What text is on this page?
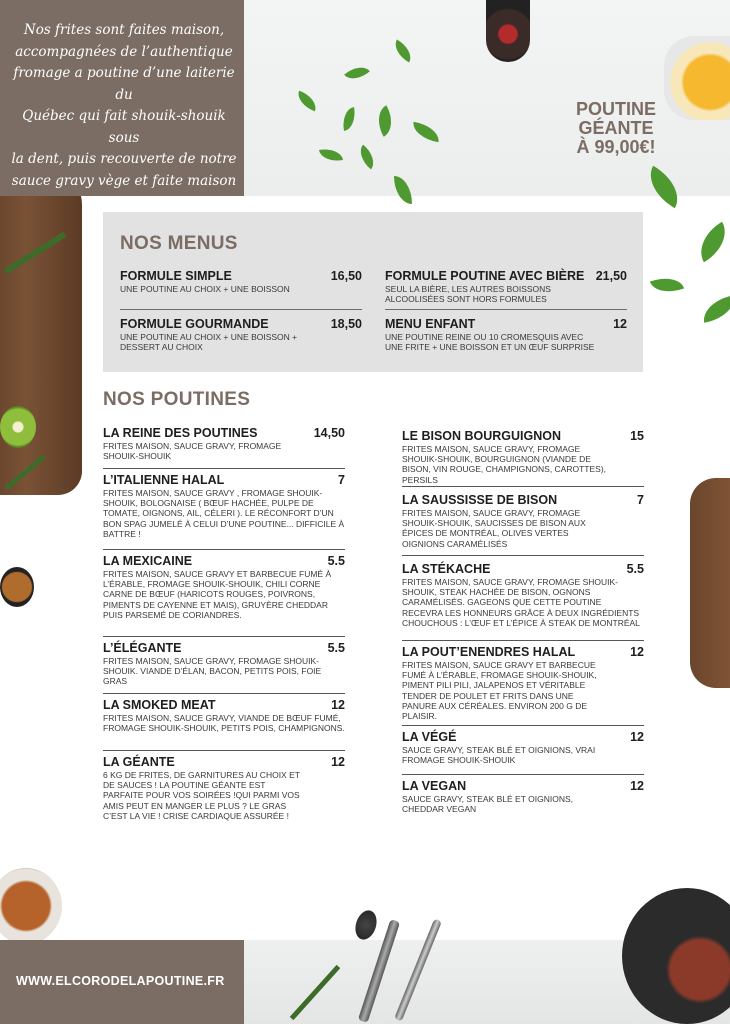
Nos frites sont faites maison,
accompagnées de l’authentique
fromage a poutine d’une laiterie du
Québec qui fait shouik-shouik sous
la dent, puis recouverte de notre
sauce gravy vège et faite maison
POUTINE
GÉANTE
À 99,00€!
NOS MENUS
FORMULE SIMPLE	16,50
UNE POUTINE AU CHOIX + UNE BOISSON
FORMULE POUTINE AVEC BIÈRE 21,50
SEUL LA BIÈRE, LES AUTRES BOISSONS ALCOOLISÉES SONT HORS FORMULES
FORMULE GOURMANDE	18,50
UNE POUTINE AU CHOIX + UNE BOISSON + DESSERT AU CHOIX
MENU ENFANT	12
UNE POUTINE REINE OU 10 CROMESQUIS AVEC UNE FRITE + UNE BOISSON ET UN ŒUF SURPRISE
NOS POUTINES
LA REINE DES POUTINES	14,50
FRITES MAISON, SAUCE GRAVY, FROMAGE SHOUIK-SHOUIK
L’ITALIENNE HALAL	7
FRITES MAISON, SAUCE GRAVY , FROMAGE SHOUIK-SHOUIK, BOLOGNAISE ( BŒUF HACHÉE, PULPE DE TOMATE, OIGNONS, AIL, CÉLERI ). LE RÉCONFORT D’UN BON SPAG JUMELÉ À CELUI D’UNE POUTINE... DIFFICILE À BATTRE !
LA MEXICAINE	5.5
FRITES MAISON, SAUCE GRAVY ET BARBECUE FUMÉ À L’ÉRABLE, FROMAGE SHOUIK-SHOUIK, CHILI CORNE CARNE DE BŒUF (HARICOTS ROUGES, POIVRONS, PIMENTS DE CAYENNE ET MAIS), GRUYÈRE CHEDDAR PUIS PARSEMÉ DE CORIANDRES.
L’ÉLÉGANTE	5.5
FRITES MAISON, SAUCE GRAVY, FROMAGE SHOUIK-SHOUIK. VIANDE D’ÉLAN, BACON, PETITS POIS, FOIE GRAS
LA SMOKED MEAT	12
FRITES MAISON, SAUCE GRAVY, VIANDE DE BŒUF FUMÉ, FROMAGE SHOUIK-SHOUIK, PETITS POIS, CHAMPIGNONS.
LA GÉANTE	12
6 KG DE FRITES, DE GARNITURES AU CHOIX ET DE SAUCES ! LA POUTINE GÉANTE EST PARFAITE POUR VOS SOIRÉES !QUI PARMI VOS AMIS PEUT EN MANGER LE PLUS ? LE GRAS C’EST LA VIE ! CRISE CARDIAQUE ASSURÉE !
LE BISON BOURGUIGNON	15
FRITES MAISON, SAUCE GRAVY, FROMAGE SHOUIK-SHOUIK, BOURGUIGNON (VIANDE DE BISON, VIN ROUGE, CHAMPIGNONS, CAROTTES), PERSILS
LA SAUSSISSE DE BISON	7
FRITES MAISON, SAUCE GRAVY, FROMAGE SHOUIK-SHOUIK, SAUCISSES DE BISON AUX ÉPICES DE MONTRÉAL, OLIVES VERTES OIGNIONS CARAMÉLISÉS
LA STÉKACHE	5.5
FRITES MAISON, SAUCE GRAVY, FROMAGE SHOUIK-SHOUIK, STEAK HACHÉE DE BISON, OGNONS CARAMÉLISÉS. GAGEONS QUE CETTE POUTINE RECEVRA LES HONNEURS GRÂCE À DEUX INGRÉDIENTS CHOUCHOUS : L’ŒUF ET L’ÉPICE À STEAK DE MONTRÉAL
LA POUT’ENENDRES HALAL	12
FRITES MAISON, SAUCE GRAVY ET BARBECUE FUMÉ À L’ÉRABLE, FROMAGE SHOUIK-SHOUIK, PIMENT PILI PILI, JALAPENOS ET VÉRITABLE TENDER DE POULET ET FRITS DANS UNE PANURE AUX CÉRÉALES. ENVIRON 200 G DE PLAISIR.
LA VÉGÉ	12
SAUCE GRAVY, STEAK BLÉ ET OIGNIONS, VRAI FROMAGE SHOUIK-SHOUIK
LA VEGAN	12
SAUCE GRAVY, STEAK BLÉ ET OIGNIONS, CHEDDAR VEGAN
WWW.ELCORODELAPOUTINE.FR
